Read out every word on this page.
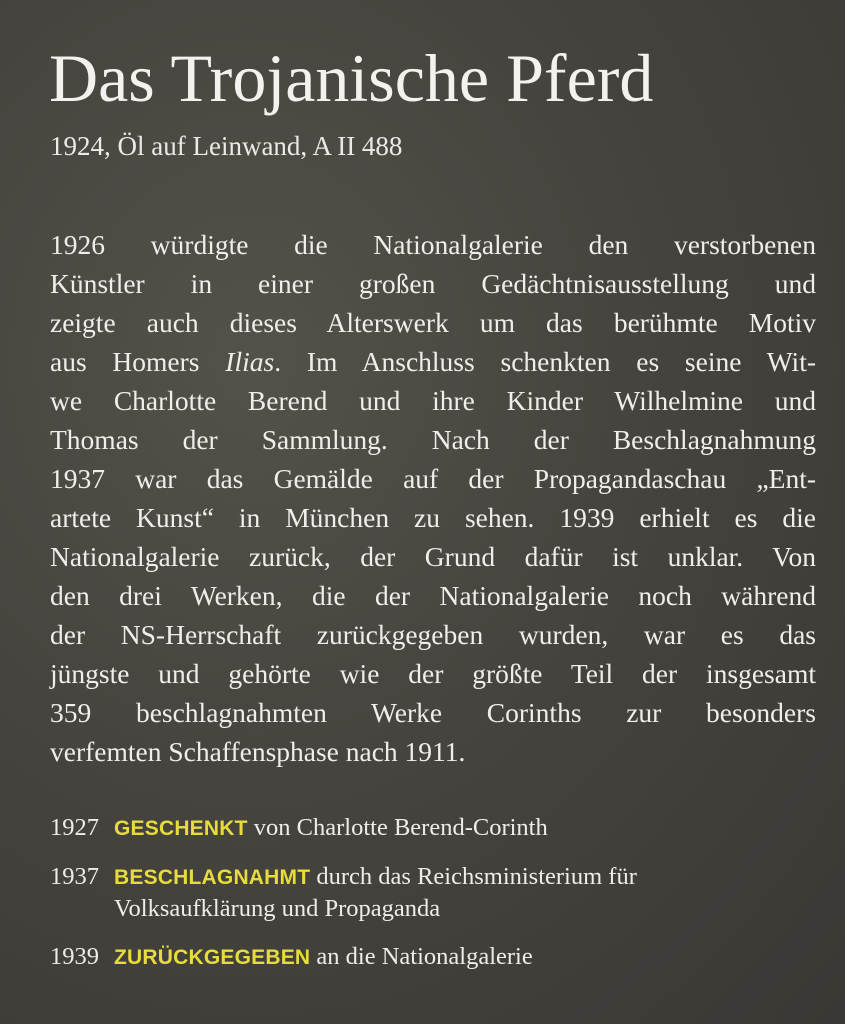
Das Trojanische Pferd
1924, Öl auf Leinwand, A II 488
1926 würdigte die Nationalgalerie den verstorbenen
Künstler in einer großen Gedächtnisausstellung und
zeigte auch dieses Alterswerk um das berühmte Motiv
aus Homers Ilias. Im Anschluss schenkten es seine Wit-
we Charlotte Berend und ihre Kinder Wilhelmine und
Thomas der Sammlung. Nach der Beschlagnahmung
1937 war das Gemälde auf der Propagandaschau „Ent-
artete Kunst“ in München zu sehen. 1939 erhielt es die
Nationalgalerie zurück, der Grund dafür ist unklar. Von
den drei Werken, die der Nationalgalerie noch während
der NS-Herrschaft zurückgegeben wurden, war es das
jüngste und gehörte wie der größte Teil der insgesamt
359 beschlagnahmten Werke Corinths zur besonders
verfemten Schaffensphase nach 1911.
1927 GESCHENKT von Charlotte Berend-Corinth
1937 BESCHLAGNAHMT durch das Reichsministerium für Volksaufklärung und Propaganda
1939 ZURÜCKGEGEBEN an die Nationalgalerie
